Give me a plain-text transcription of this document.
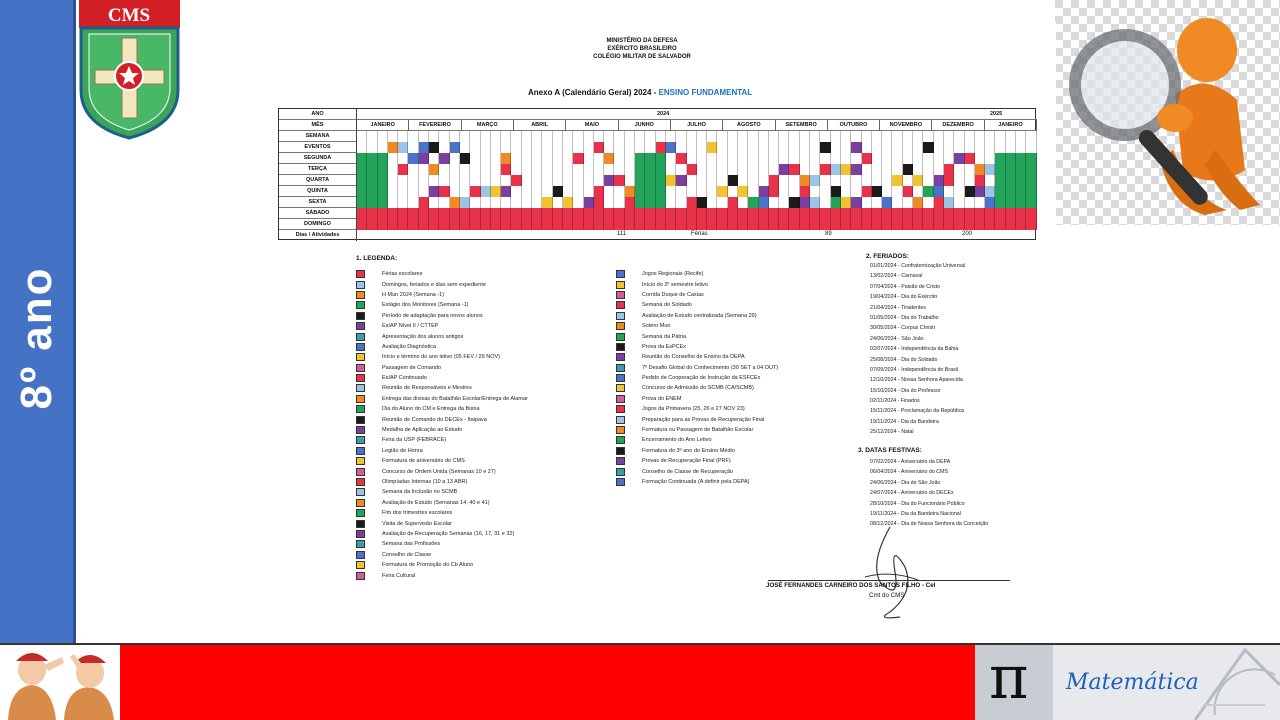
8º ano
CMS
MINISTÉRIO DA DEFESA
EXÉRCITO BRASILEIRO
COLÉGIO MILITAR DE SALVADOR
Anexo A (Calendário Geral) 2024 - ENSINO FUNDAMENTAL
ANO	2024	2025
MÊS	JANEIRO	FEVEREIRO	MARÇO	ABRIL	MAIO	JUNHO	JULHO	AGOSTO	SETEMBRO	OUTUBRO	NOVEMBRO	DEZEMBRO	JANEIRO
SEMANA
EVENTOS
SEGUNDA
TERÇA
QUARTA
QUINTA
SEXTA
SÁBADO
DOMINGO
Dias / Atividades	111	Férias	89	200
1. LEGENDA:
Férias escolares
Domingos, feriados e dias sem expediente
H Mun 2024 (Semana -1)
Estágio dos Monitores (Semana -1)
Período de adaptação para novos alunos
EsIAP Nível II / CTTEP
Apresentação dos alunos antigos
Avaliação Diagnóstica
Início e término do ano letivo (05 FEV / 29 NOV)
Passagem de Comando
EsIAP Continuado
Reunião de Responsáveis e Mestres
Entrega das divisas do Batalhão Escolar/Entrega de Alamar
Dia do Aluno do CM e Entrega da Boina
Reunião de Comando do DECEx - Itaipava
Medalha de Aplicação ao Estudo
Feira da USP (FEBRACE)
Legião de Honra
Formatura de aniversário do CMS
Concurso de Ordem Unida (Semanas 10 e 27)
Olimpíadas Internas (10 a 13 ABR)
Semana da Inclusão no SCMB
Avaliação de Estudo (Semanas 14, 40 e 41)
Fim dos trimestres escolares
Visita de Supervisão Escolar
Avaliação de Recuperação Semanas (16, 17, 31 e 32)
Semana das Profissões
Conselho de Classe
Formatura de Promoção do Cb Aluno
Feira Cultural
Jogos Regionais (Recife)
Início do 2º semestre letivo
Corrida Duque de Caxias
Semana do Soldado
Avaliação de Estudo centralizada (Semana 29)
Sotero Mun
Semana da Pátria
Prova da EsPCEx
Reunião do Conselho de Ensino da DEPA
7º Desafio Global do Conhecimento (30 SET a 04 OUT)
Pedido de Cooperação de Instrução da ESFCEx
Concurso de Admissão do SCMB (CA/SCMB)
Prova do ENEM
Jogos da Primavera (25, 26 e 27 NOV 23)
Preparação para as Provas de Recuperação Final
Formatura ou Passagem de Batalhão Escolar
Encerramento do Ano Letivo
Formatura do 3º ano do Ensino Médio
Provas de Recuperação Final (PRF)
Conselho de Classe de Recuperação
Formação Continuada (A definir pela DEPA)
2. FERIADOS:
01/01/2024 - Confraternização Universal
13/02/2024 - Carnaval
07/04/2024 - Paixão de Cristo
19/04/2024 - Dia do Exército
21/04/2024 - Tiradentes
01/05/2024 - Dia do Trabalho
30/05/2024 - Corpus Christi
24/06/2024 - São João
02/07/2024 - Independência da Bahia
25/08/2024 - Dia do Soldado
07/09/2024 - Independência do Brasil
12/10/2024 - Nossa Senhora Aparecida
15/10/2024 - Dia do Professor
02/11/2024 - Finados
15/11/2024 - Proclamação da República
19/11/2024 - Dia da Bandeira
25/12/2024 - Natal
3. DATAS FESTIVAS:
07/02/2024 - Aniversário da DEPA
06/04/2024 - Aniversário do CMS
24/06/2024 - Dia de São João
24/07/2024 - Aniversário do DECEx
28/10/2024 - Dia do Funcionário Público
19/11/2024 - Dia da Bandeira Nacional
08/12/2024 - Dia de Nossa Senhora da Conceição
JOSÉ FERNANDES CARNEIRO DOS SANTOS FILHO - Cel
Cmt do CMS
π Matemática
